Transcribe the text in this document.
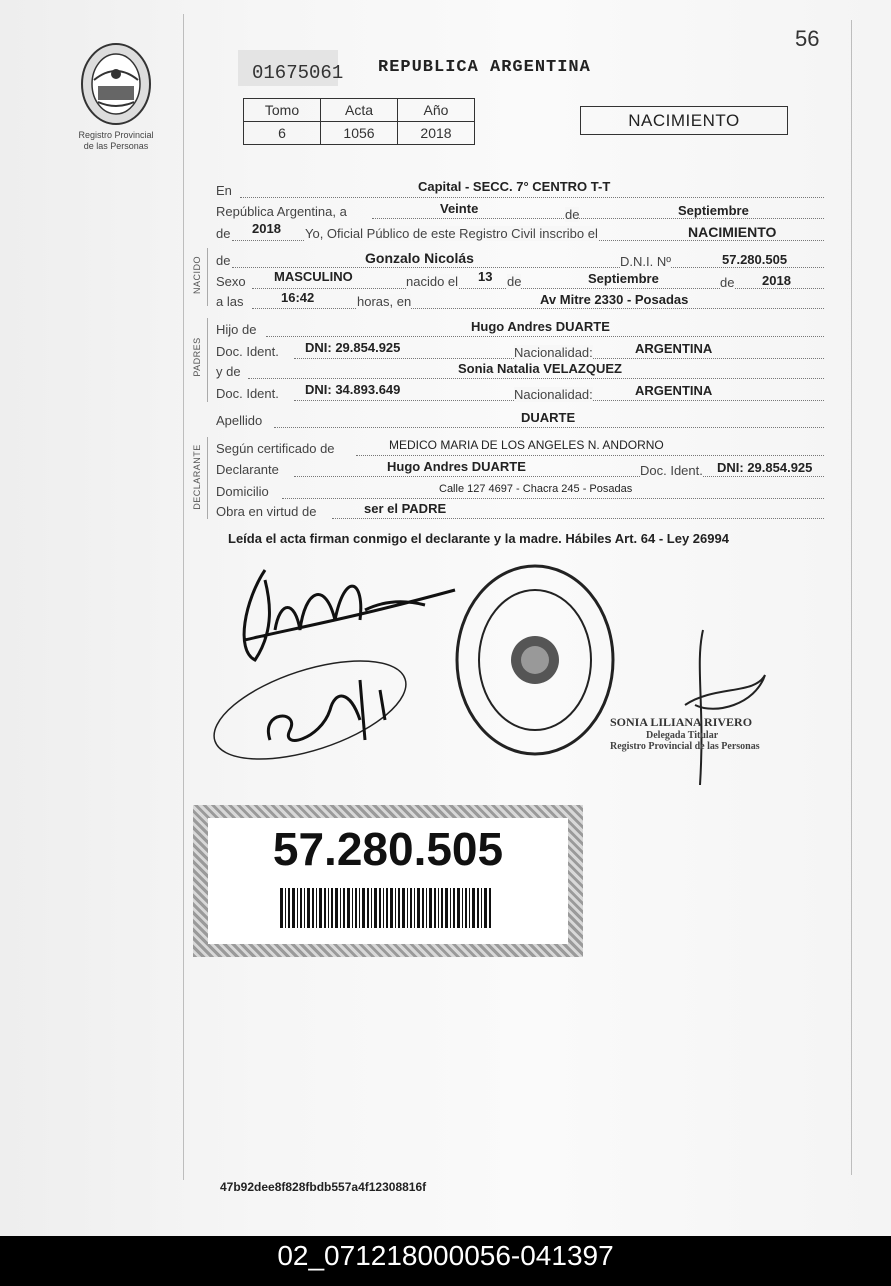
Registro Provincial
de las Personas
01675061 REPUBLICA ARGENTINA
56
Tomo	Acta	Año
6	1056	2018
NACIMIENTO
En	Capital - SECC. 7° CENTRO T-T
República Argentina, a	Veinte	de	Septiembre
de 2018 Yo, Oficial Público de este Registro Civil inscribo el	NACIMIENTO
NACIDO de	Gonzalo Nicolás	D.N.I. Nº	57.280.505
Sexo MASCULINO	nacido el 13 de	Septiembre	de 2018
a las	16:42	horas, en	Av Mitre 2330 - Posadas
PADRES
Hijo de	Hugo Andres DUARTE
Doc. Ident. DNI: 29.854.925	Nacionalidad:	ARGENTINA
y de	Sonia Natalia VELAZQUEZ
Doc. Ident. DNI: 34.893.649	Nacionalidad:	ARGENTINA
Apellido	DUARTE
DECLARANTE Según certificado de	MEDICO MARIA DE LOS ANGELES N. ANDORNO
Declarante	Hugo Andres DUARTE	Doc. Ident. DNI: 29.854.925
Domicilio	Calle 127 4697 - Chacra 245 - Posadas
Obra en virtud de	ser el PADRE
Leída el acta firman conmigo el declarante y la madre. Hábiles Art. 64 - Ley 26994
SONIA LILIANA RIVERO
Delegada Titular
Registro Provincial de las Personas
57.280.505
47b92dee8f828fbdb557a4f12308816f
02_071218000056-041397
